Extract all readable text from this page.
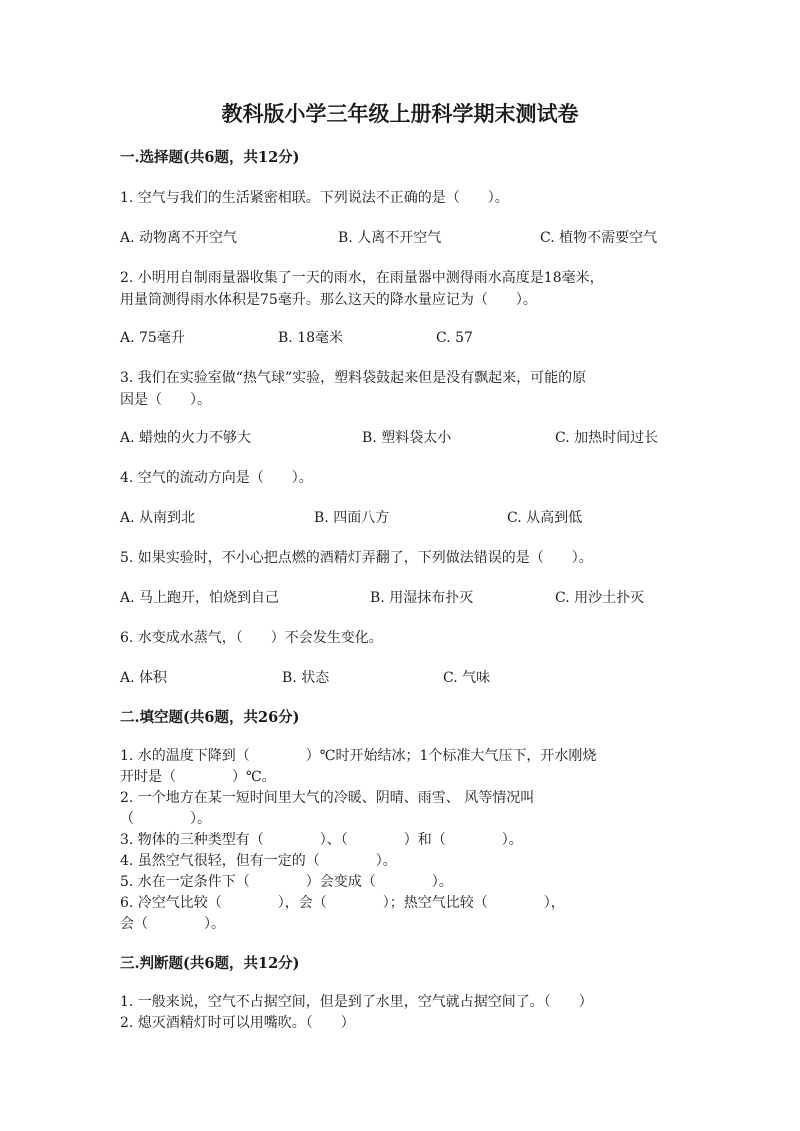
教科版小学三年级上册科学期末测试卷
一.选择题(共6题，共12分)
1. 空气与我们的生活紧密相联。下列说法不正确的是（　　）。
A. 动物离不开空气	B. 人离不开空气	C. 植物不需要空气
2. 小明用自制雨量器收集了一天的雨水，在雨量器中测得雨水高度是18毫米，
用量筒测得雨水体积是75毫升。那么这天的降水量应记为（　　）。
A. 75毫升	B. 18毫米	C. 57
3. 我们在实验室做“热气球”实验，塑料袋鼓起来但是没有飘起来，可能的原
因是（　　）。
A. 蜡烛的火力不够大	B. 塑料袋太小	C. 加热时间过长
4. 空气的流动方向是（　　）。
A. 从南到北	B. 四面八方	C. 从高到低
5. 如果实验时，不小心把点燃的酒精灯弄翻了，下列做法错误的是（　　）。
A. 马上跑开，怕烧到自己	B. 用湿抹布扑灭	C. 用沙土扑灭
6. 水变成水蒸气，（　　）不会发生变化。
A. 体积	B. 状态	C. 气味
二.填空题(共6题，共26分)
1. 水的温度下降到（　　　　）℃时开始结冰；1个标准大气压下，开水刚烧
开时是（　　　　）℃。
2. 一个地方在某一短时间里大气的冷暖、阴晴、雨雪、 风等情况叫
（　　　　）。
3. 物体的三种类型有（　　　　）、（　　　　）和（　　　　）。
4. 虽然空气很轻，但有一定的（　　　　）。
5. 水在一定条件下（　　　　）会变成（　　　　）。
6. 冷空气比较（　　　　），会（　　　　）；热空气比较（　　　　），
会（　　　　）。
三.判断题(共6题，共12分)
1. 一般来说，空气不占据空间，但是到了水里，空气就占据空间了。（　　）
2. 熄灭酒精灯时可以用嘴吹。（　　）
